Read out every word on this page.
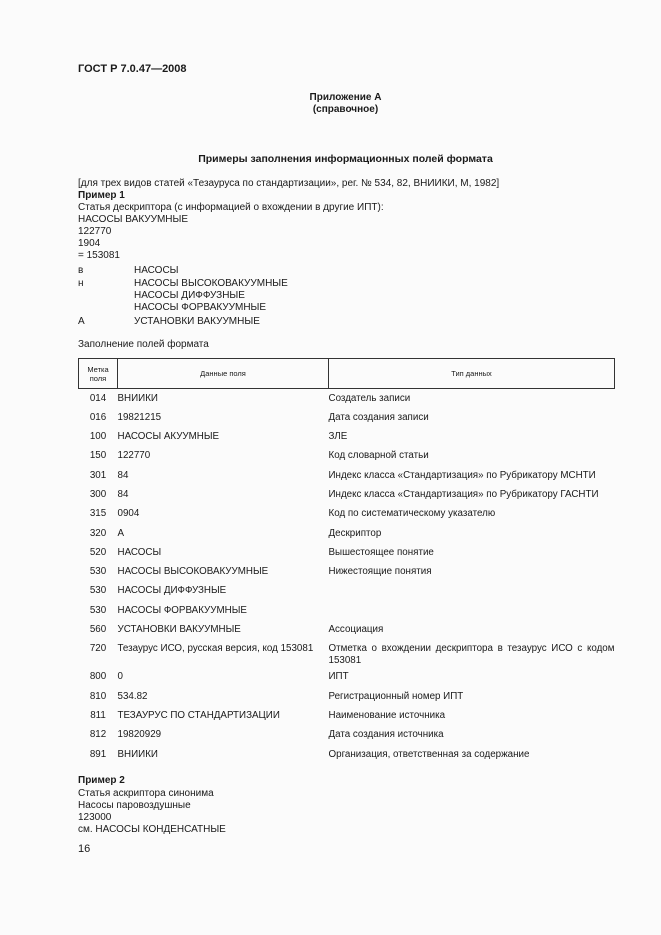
ГОСТ Р 7.0.47—2008
Приложение А
(справочное)
Примеры заполнения информационных полей формата
[для трех видов статей «Тезауруса по стандартизации», рег. № 534, 82, ВНИИКИ, М, 1982]
Пример 1
Статья дескриптора (с информацией о вхождении в другие ИПТ):
НАСОСЫ ВАКУУМНЫЕ
122770
1904
= 153081
в	НАСОСЫ
н	НАСОСЫ ВЫСОКОВАКУУМНЫЕ
НАСОСЫ ДИФФУЗНЫЕ
НАСОСЫ ФОРВАКУУМНЫЕ
А	УСТАНОВКИ ВАКУУМНЫЕ
Заполнение полей формата
Метка поля	Данные поля	Тип данных
014	ВНИИКИ	Создатель записи
016	19821215	Дата создания записи
100	НАСОСЫ АКУУМНЫЕ	ЗЛЕ
150	122770	Код словарной статьи
301	84	Индекс класса «Стандартизация» по Рубрикатору МСНТИ
300	84	Индекс класса «Стандартизация» по Рубрикатору ГАСНТИ
315	0904	Код по систематическому указателю
320	А	Дескриптор
520	НАСОСЫ	Вышестоящее понятие
530	НАСОСЫ ВЫСОКОВАКУУМНЫЕ	Нижестоящие понятия
530	НАСОСЫ ДИФФУЗНЫЕ	
530	НАСОСЫ ФОРВАКУУМНЫЕ	
560	УСТАНОВКИ ВАКУУМНЫЕ	Ассоциация
720	Тезаурус ИСО, русская версия, код 153081	Отметка о вхождении дескриптора в тезаурус ИСО с кодом 153081
800	0	ИПТ
810	534.82	Регистрационный номер ИПТ
811	ТЕЗАУРУС ПО СТАНДАРТИЗАЦИИ	Наименование источника
812	19820929	Дата создания источника
891	ВНИИКИ	Организация, ответственная за содержание
Пример 2
Статья аскриптора синонима
Насосы паровоздушные
123000
см. НАСОСЫ КОНДЕНСАТНЫЕ
16
